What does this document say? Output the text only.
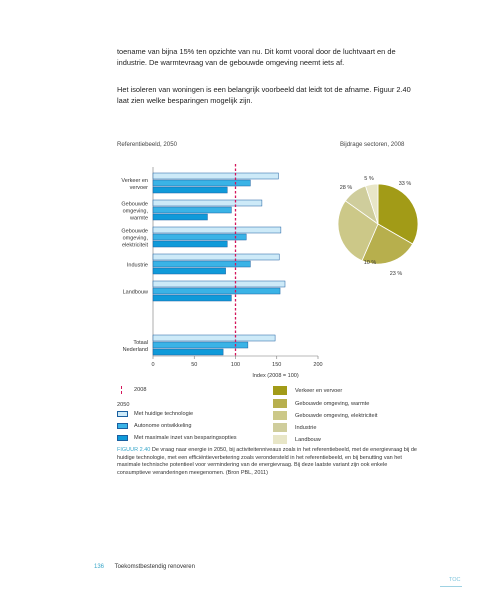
toename van bijna 15% ten opzichte van nu. Dit komt vooral door de luchtvaart en de industrie. De warmtevraag van de gebouwde omgeving neemt iets af.
Het isoleren van woningen is een belangrijk voorbeeld dat leidt tot de afname. Figuur 2.40 laat zien welke besparingen mogelijk zijn.
Referentiebeeld, 2050	Bijdrage sectoren, 2008
0	50	100	150	200
Index (2008 = 100)
Verkeer en
vervoer
Gebouwde
omgeving,
warmte
Gebouwde
omgeving,
elektriciteit
Industrie
Landbouw
Totaal
Nederland
33 %
23 %
28 %
10 %
5 %
2008
2050
Met huidige technologie
Autonome ontwikkeling
Met maximale inzet van besparingsopties
Verkeer en vervoer
Gebouwde omgeving, warmte
Gebouwde omgeving, elektriciteit
Industrie
Landbouw
FIGUUR 2.40 De vraag naar energie in 2050, bij activiteitenniveaus zoals in het referentiebeeld, met de energievraag bij de huidige technologie, met een efficiëntieverbetering zoals verondersteld in het referentiebeeld, en bij benutting van het maximale technische potentieel voor vermindering van de energievraag. Bij deze laatste variant zijn ook enkele consumptieve veranderingen meegenomen. (Bron PBL, 2011)
136 Toekomstbestendig renoveren
TOC
